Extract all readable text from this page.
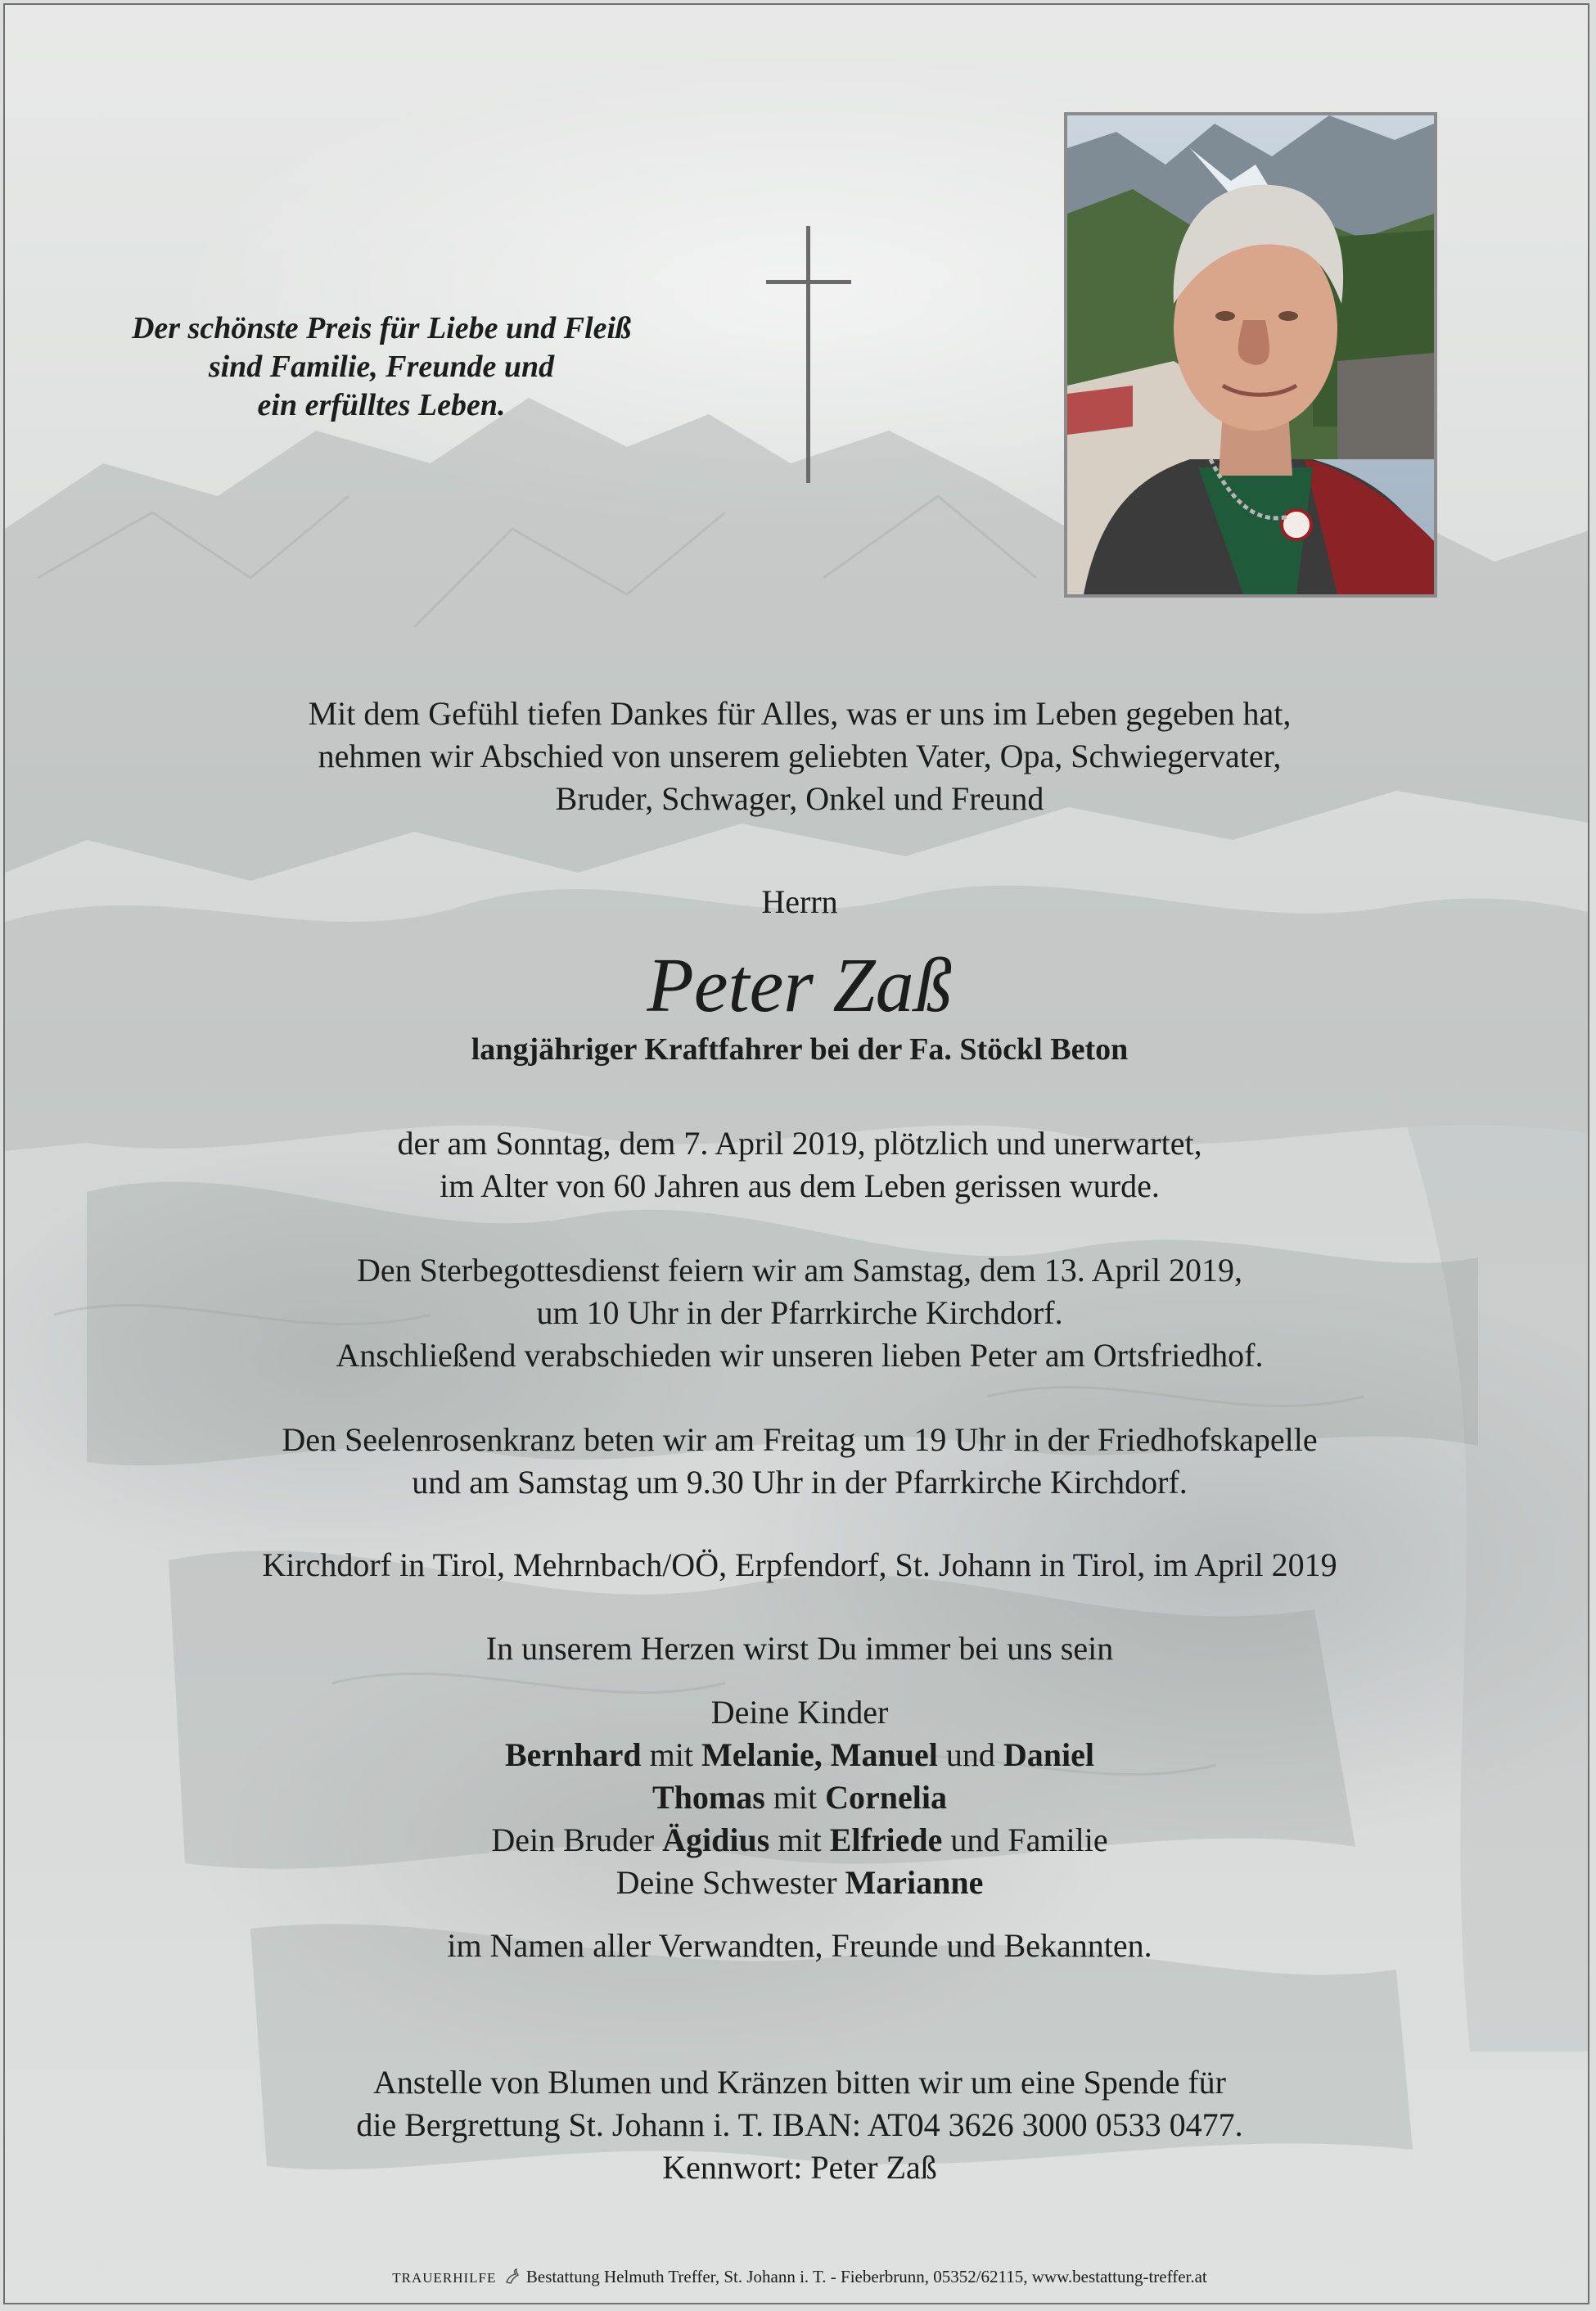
Der schönste Preis für Liebe und Fleiß
sind Familie, Freunde und
ein erfülltes Leben.
Mit dem Gefühl tiefen Dankes für Alles, was er uns im Leben gegeben hat,
nehmen wir Abschied von unserem geliebten Vater, Opa, Schwiegervater,
Bruder, Schwager, Onkel und Freund
Herrn
Peter Zaß
langjähriger Kraftfahrer bei der Fa. Stöckl Beton
der am Sonntag, dem 7. April 2019, plötzlich und unerwartet,
im Alter von 60 Jahren aus dem Leben gerissen wurde.
Den Sterbegottesdienst feiern wir am Samstag, dem 13. April 2019,
um 10 Uhr in der Pfarrkirche Kirchdorf.
Anschließend verabschieden wir unseren lieben Peter am Ortsfriedhof.
Den Seelenrosenkranz beten wir am Freitag um 19 Uhr in der Friedhofskapelle
und am Samstag um 9.30 Uhr in der Pfarrkirche Kirchdorf.
Kirchdorf in Tirol, Mehrnbach/OÖ, Erpfendorf, St. Johann in Tirol, im April 2019
In unserem Herzen wirst Du immer bei uns sein
Deine Kinder
Bernhard mit Melanie, Manuel und Daniel
Thomas mit Cornelia
Dein Bruder Ägidius mit Elfriede und Familie
Deine Schwester Marianne
im Namen aller Verwandten, Freunde und Bekannten.
Anstelle von Blumen und Kränzen bitten wir um eine Spende für
die Bergrettung St. Johann i. T. IBAN: AT04 3626 3000 0533 0477.
Kennwort: Peter Zaß
TRAUERHILFE Bestattung Helmuth Treffer, St. Johann i. T. - Fieberbrunn, 05352/62115, www.bestattung-treffer.at
